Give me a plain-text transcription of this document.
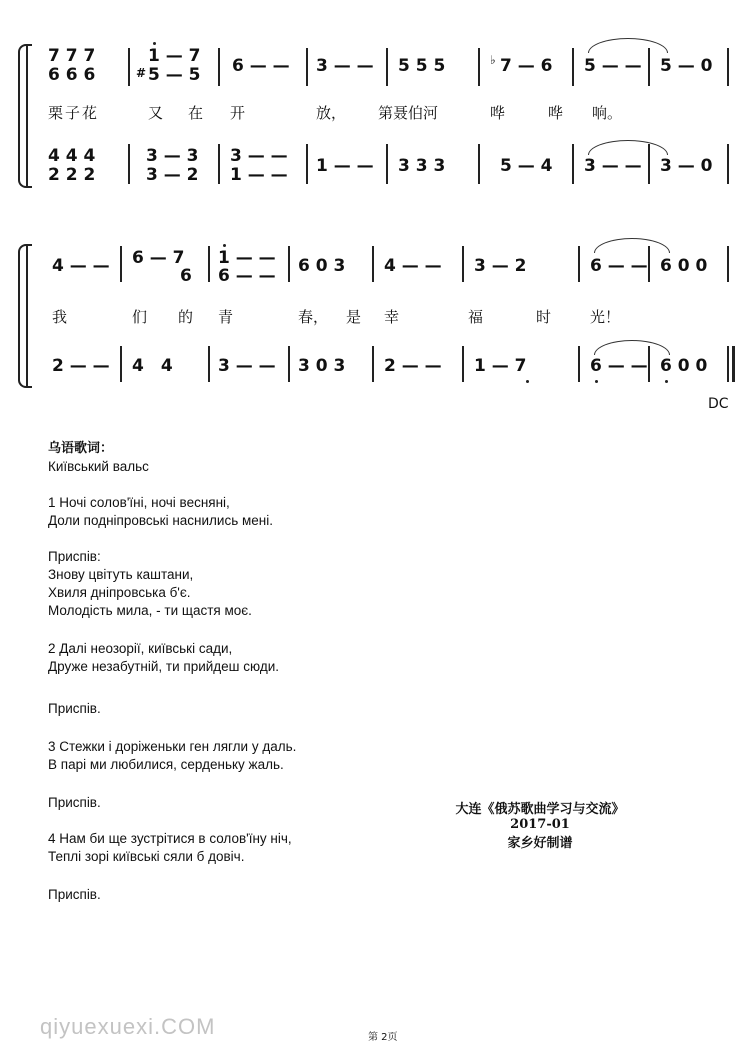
7 7 7
6 6 6
1 — 7
# 5 — 5 6 — — 3 — — 5 5 5	♭ 7 — 6 5 — — 5 — 0
栗子花	又 在 开	放， 第聂伯河	哗	哗 响。
4 4 4
2 2 2
3 — 3
3 — 2
3 — —
1 — — 1 — — 3 3 3	5 — 4 3 — — 3 — 0
4 — — 6 — 7
6
1 — —
6 — — 6 0 3 4 — — 3 — 2	6 — — 6 0 0
我	们 的 青	春， 是 幸	福	时	光！
2 — — 4　4	3 — — 3 0 3 2 — — 1 — 7	6 — — 6 0 0
DC

乌语歌词：

Київський вальс

1 Ночі солов'їні, ночі весняні,

Доли подніпровські наснились мені.

Приспів:

Знову цвітуть каштани,

Хвиля дніпровська б'є.

Молодість мила, - ти щастя моє.

2 Далі неозорії, київські сади,

Друже незабутній, ти прийдеш сюди.

Приспів.

3 Стежки і доріженьки ген лягли у даль.

В парі ми любилися, серденьку жаль.

Приспів.

4 Нам би ще зустрітися в солов'їну ніч,

Теплі зорі київські сяли б довіч.

Приспів.

大连《俄苏歌曲学习与交流》
2017-01
家乡好制谱
qiyuexuexi.COM	第 2页
